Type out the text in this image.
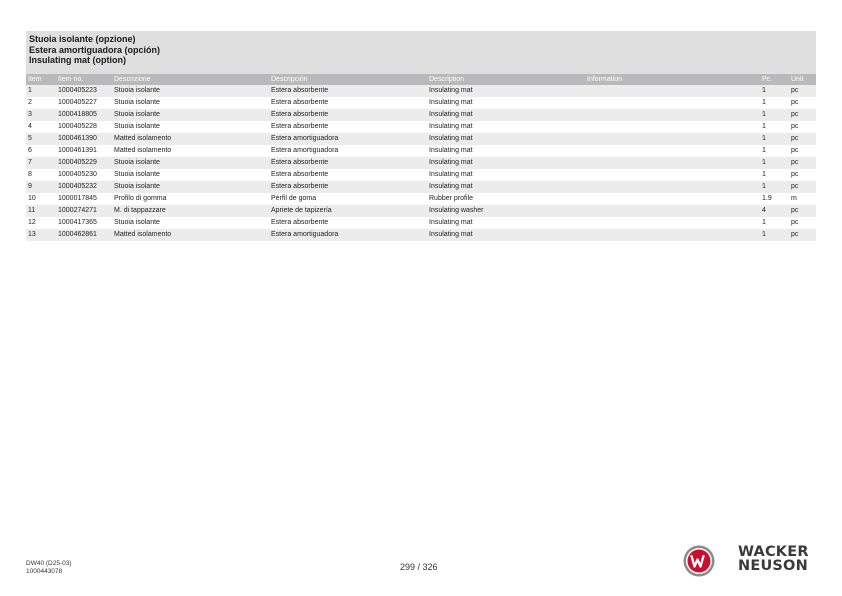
Stuoia isolante (opzione)
Estera amortiguadora (opción)
Insulating mat (option)
Item	Item no.	Descrizione	Descripción	Description	Information	Pc.	Unit
1	1000405223	Stuoia isolante	Estera absorbente	Insulating mat		1	pc
2	1000405227	Stuoia isolante	Estera absorbente	Insulating mat		1	pc
3	1000418805	Stuoia isolante	Estera absorbente	Insulating mat		1	pc
4	1000405228	Stuoia isolante	Estera absorbente	Insulating mat		1	pc
5	1000461390	Matted isolamento	Estera amortiguadora	Insulating mat		1	pc
6	1000461391	Matted isolamento	Estera amortiguadora	Insulating mat		1	pc
7	1000405229	Stuoia isolante	Estera absorbente	Insulating mat		1	pc
8	1000405230	Stuoia isolante	Estera absorbente	Insulating mat		1	pc
9	1000405232	Stuoia isolante	Estera absorbente	Insulating mat		1	pc
10	1000017845	Profilo di gomma	Pérfil de goma	Rubber profile		1.9	m
11	1000274271	M. di tappazzare	Apriete de tapizería	Insulating washer		4	pc
12	1000417365	Stuoia isolante	Estera absorbente	Insulating mat		1	pc
13	1000462861	Matted isolamento	Estera amortiguadora	Insulating mat		1	pc
DW40 (D25-03)
1000443078	299 / 326
WACKER
NEUSON
